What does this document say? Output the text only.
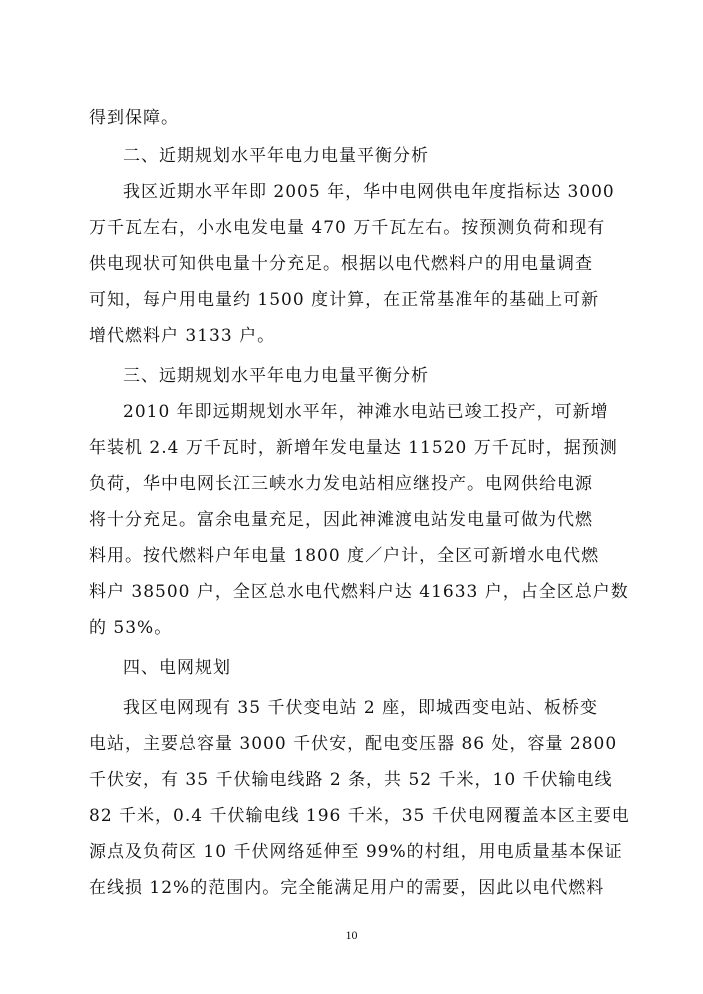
得到保障。
二、近期规划水平年电力电量平衡分析
我区近期水平年即 2005 年，华中电网供电年度指标达 3000
万千瓦左右，小水电发电量 470 万千瓦左右。按预测负荷和现有
供电现状可知供电量十分充足。根据以电代燃料户的用电量调查
可知，每户用电量约 1500 度计算，在正常基准年的基础上可新
增代燃料户 3133 户。
三、远期规划水平年电力电量平衡分析
2010 年即远期规划水平年，神滩水电站已竣工投产，可新增
年装机 2.4 万千瓦时，新增年发电量达 11520 万千瓦时，据预测
负荷，华中电网长江三峡水力发电站相应继投产。电网供给电源
将十分充足。富余电量充足，因此神滩渡电站发电量可做为代燃
料用。按代燃料户年电量 1800 度／户计，全区可新增水电代燃
料户 38500 户，全区总水电代燃料户达 41633 户，占全区总户数
的 53%。
四、电网规划
我区电网现有 35 千伏变电站 2 座，即城西变电站、板桥变
电站，主要总容量 3000 千伏安，配电变压器 86 处，容量 2800
千伏安，有 35 千伏输电线路 2 条，共 52 千米，10 千伏输电线
82 千米，0.4 千伏输电线 196 千米，35 千伏电网覆盖本区主要电
源点及负荷区 10 千伏网络延伸至 99%的村组，用电质量基本保证
在线损 12%的范围内。完全能满足用户的需要，因此以电代燃料
10
